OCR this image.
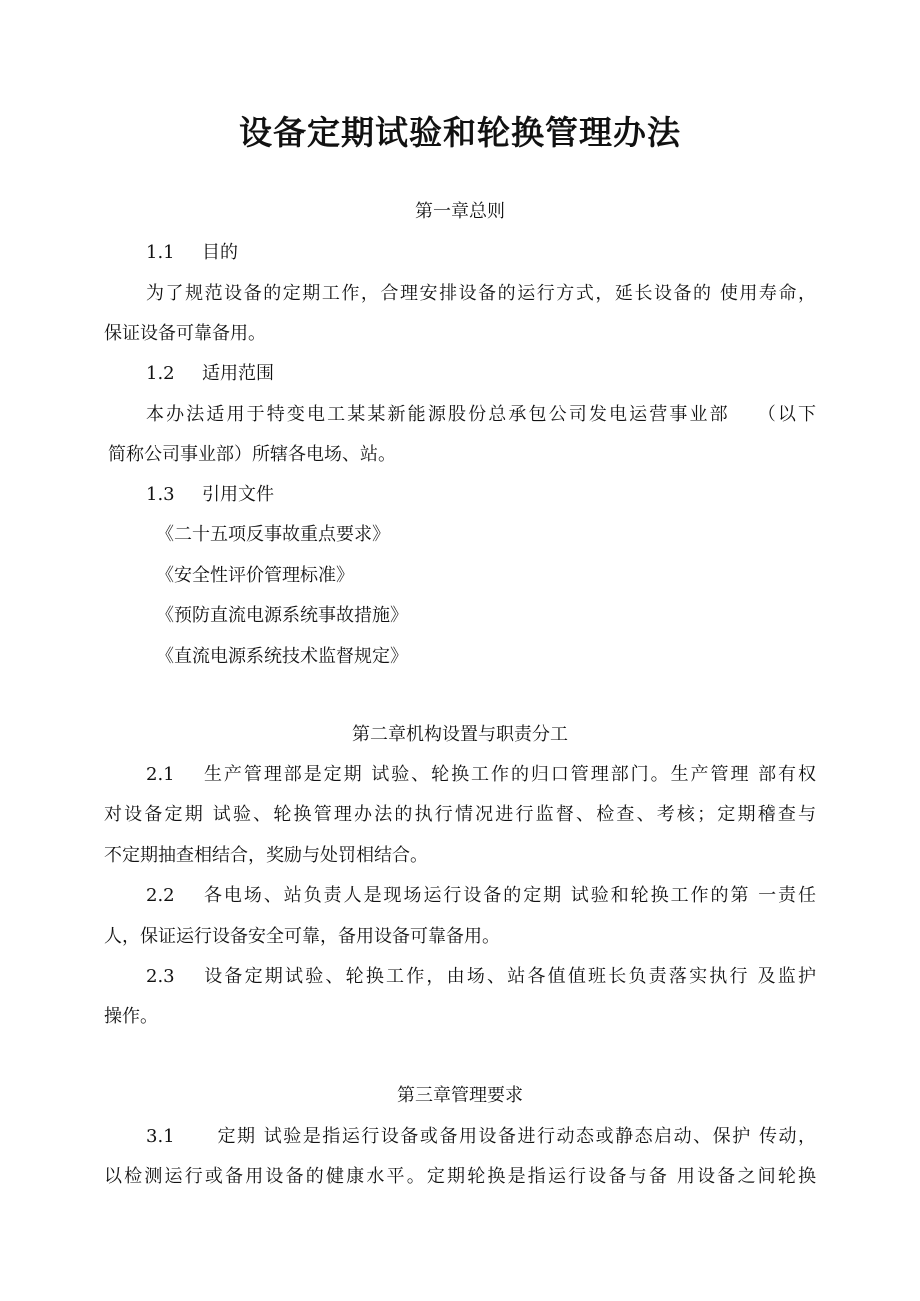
设备定期试验和轮换管理办法
第一章总则
1.1 目的
为了规范设备的定期工作，合理安排设备的运行方式，延长设备的 使用寿命，
保证设备可靠备用。
1.2 适用范围
本办法适用于特变电工某某新能源股份总承包公司发电运营事业部　 （以下
简称公司事业部）所辖各电场、站。
1.3 引用文件
《二十五项反事故重点要求》
《安全性评价管理标准》
《预防直流电源系统事故措施》
《直流电源系统技术监督规定》
第二章机构设置与职责分工
2.1 生产管理部是定期 试验、轮换工作的归口管理部门。生产管理 部有权
对设备定期 试验、轮换管理办法的执行情况进行监督、检查、考核；定期稽查与
不定期抽查相结合，奖励与处罚相结合。
2.2 各电场、站负责人是现场运行设备的定期 试验和轮换工作的第 一责任
人，保证运行设备安全可靠，备用设备可靠备用。
2.3 设备定期试验、轮换工作，由场、站各值值班长负责落实执行 及监护
操作。
第三章管理要求
3.1 定期 试验是指运行设备或备用设备进行动态或静态启动、保护 传动，
以检测运行或备用设备的健康水平。定期轮换是指运行设备与备 用设备之间轮换
